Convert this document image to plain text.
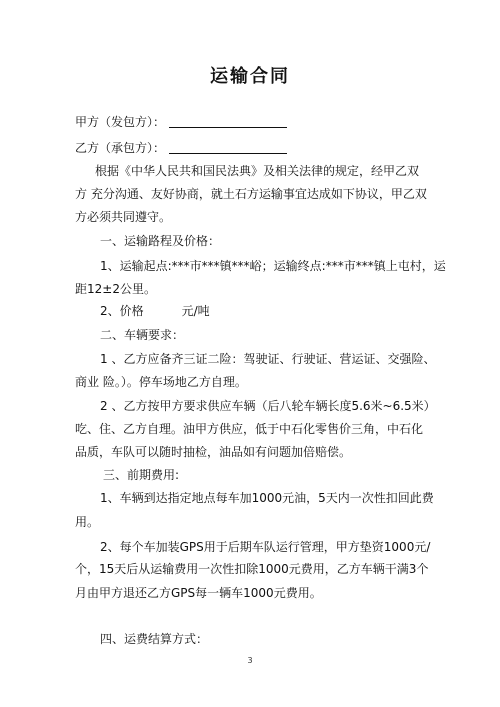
运输合同
甲方（发包方）：
乙方（承包方）：
根据《中华人民共和国民法典》及相关法律的规定，经甲乙双
方 充分沟通、友好协商，就土石方运输事宜达成如下协议，甲乙双
方必须共同遵守。
一、运输路程及价格：
1、运输起点:***市***镇***峪；运输终点:***市***镇上屯村，运
距12±2公里。
2、价格	元/吨
二、车辆要求：
1 、乙方应备齐三证二险：驾驶证、行驶证、营运证、交强险、
商业 险。）。停车场地乙方自理。
2 、乙方按甲方要求供应车辆（后八轮车辆长度5.6米~6.5米）
吃、住、乙方自理。油甲方供应，低于中石化零售价三角，中石化
品质，车队可以随时抽检，油品如有问题加倍赔偿。
三、前期费用:
1、车辆到达指定地点每车加1000元油，5天内一次性扣回此费
用。
2、每个车加装GPS用于后期车队运行管理，甲方垫资1000元/
个，15天后从运输费用一次性扣除1000元费用，乙方车辆干满3个
月由甲方退还乙方GPS每一辆车1000元费用。
四、运费结算方式：
3
